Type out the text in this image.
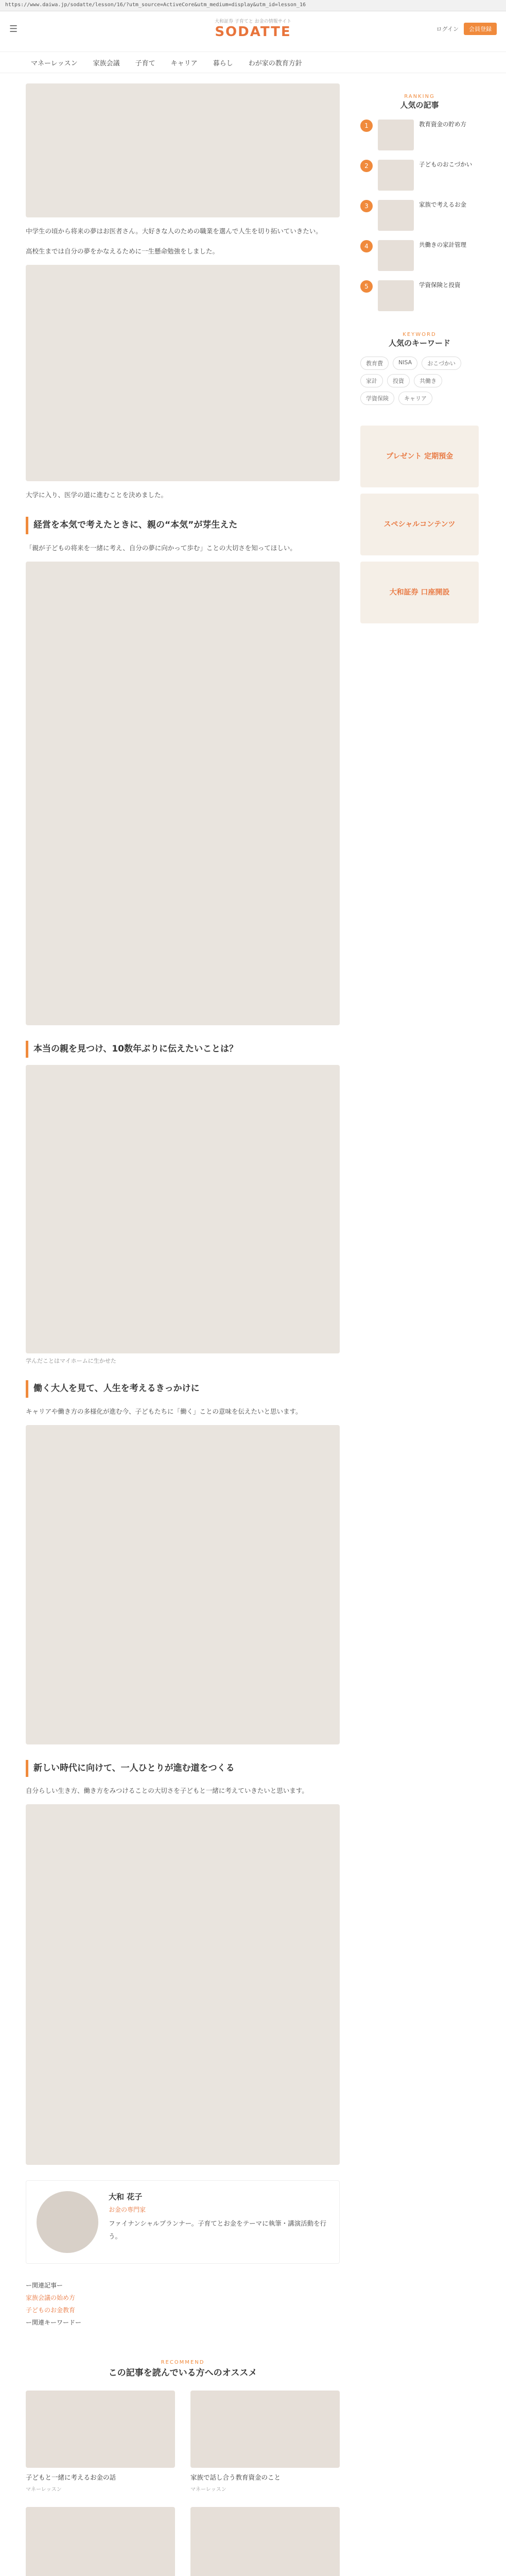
https://www.daiwa.jp/sodatte/lesson/16/?utm_source=ActiveCore&utm_medium=display&utm_id=lesson_16
☰
大和証券 子育てと お金の情報サイト
SODATTE	ログイン	会員登録
マネーレッスン 家族会議 子育て キャリア 暮らし わが家の教育方針

中学生の頃から将来の夢はお医者さん。大好きな人のための職業を選んで人生を切り拓いていきたい。

高校生までは自分の夢をかなえるために一生懸命勉強をしました。

大学に入り、医学の道に進むことを決めました。

経営を本気で考えたときに、親の“本気”が芽生えた

「親が子どもの将来を一緒に考え、自分の夢に向かって歩む」ことの大切さを知ってほしい。

本当の親を見つけ、10数年ぶりに伝えたいことは？
学んだことはマイホームに生かせた
働く大人を見て、人生を考えるきっかけに

キャリアや働き方の多様化が進む今、子どもたちに「働く」ことの意味を伝えたいと思います。

新しい時代に向けて、一人ひとりが進む道をつくる

自分らしい生き方、働き方をみつけることの大切さを子どもと一緒に考えていきたいと思います。

大和 花子
お金の専門家
ファイナンシャルプランナー。子育てとお金をテーマに執筆・講演活動を行う。
ー関連記事ー
家族会議の始め方
子どものお金教育
ー関連キーワードー
RECOMMEND
この記事を読んでいる方へのオススメ
子どもと一緒に考えるお金の話
マネーレッスン
家族で話し合う教育資金のこと
マネーレッスン
RANKING
人気の記事
1	教育資金の貯め方
2	子どものおこづかい
3	家族で考えるお金
4	共働きの家計管理
5	学資保険と投資
KEYWORD
人気のキーワード
教育費	NISA	おこづかい
家計	投資	共働き
学資保険	キャリア
プレゼント 定期預金
スペシャルコンテンツ
大和証券 口座開設
